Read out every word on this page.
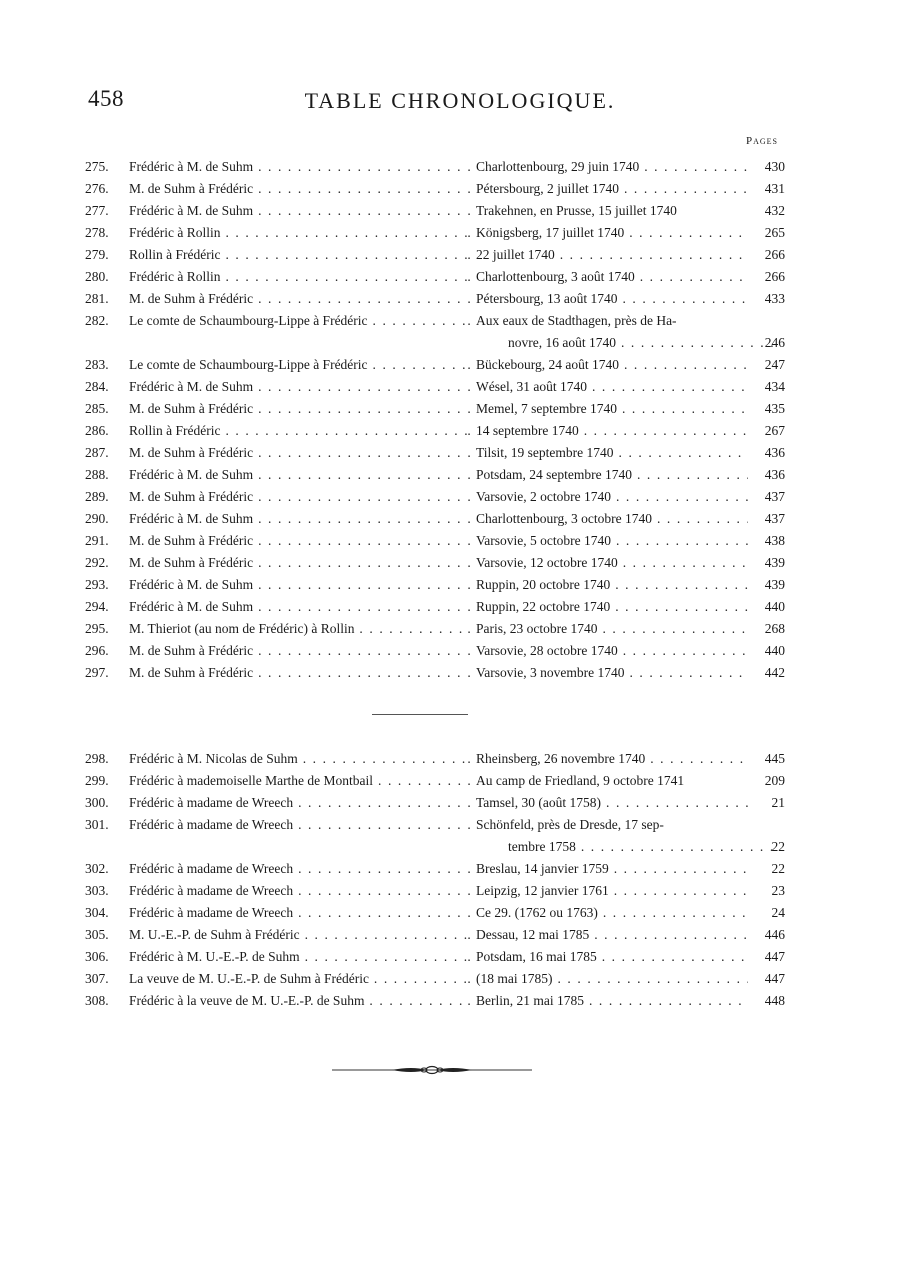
458	TABLE CHRONOLOGIQUE.
Pages
275.	Frédéric à M. de Suhm . . .	. Charlottenbourg, 29 juin 1740 . . .	430
276.	M. de Suhm à Frédéric . . .	. Pétersbourg, 2 juillet 1740 . . .	431
277.	Frédéric à M. de Suhm . . .	. Trakehnen, en Prusse, 15 juillet 1740	432
278.	Frédéric à Rollin . . .	. Königsberg, 17 juillet 1740 . . .	265
279.	Rollin à Frédéric . . .	. 22 juillet 1740 . . .	266
280.	Frédéric à Rollin . . .	. Charlottenbourg, 3 août 1740 . . .	266
281.	M. de Suhm à Frédéric . . .	. Pétersbourg, 13 août 1740 . . .	433
282.	Le comte de Schaumbourg-Lippe à Frédéric . . .	. Aux eaux de Stadthagen, près de Ha-
novre, 16 août 1740 . . .	246
283.	Le comte de Schaumbourg-Lippe à Frédéric . . .	. Bückebourg, 24 août 1740 . . .	247
284.	Frédéric à M. de Suhm . . .	. Wésel, 31 août 1740 . . .	434
285.	M. de Suhm à Frédéric . . .	. Memel, 7 septembre 1740 . . .	435
286.	Rollin à Frédéric . . .	. 14 septembre 1740 . . .	267
287.	M. de Suhm à Frédéric . . .	. Tilsit, 19 septembre 1740 . . .	436
288.	Frédéric à M. de Suhm . . .	. Potsdam, 24 septembre 1740 . . .	436
289.	M. de Suhm à Frédéric . . .	. Varsovie, 2 octobre 1740 . . .	437
290.	Frédéric à M. de Suhm . . .	. Charlottenbourg, 3 octobre 1740 . . .	437
291.	M. de Suhm à Frédéric . . .	. Varsovie, 5 octobre 1740 . . .	438
292.	M. de Suhm à Frédéric . . .	. Varsovie, 12 octobre 1740 . . .	439
293.	Frédéric à M. de Suhm . . .	. Ruppin, 20 octobre 1740 . . .	439
294.	Frédéric à M. de Suhm . . .	. Ruppin, 22 octobre 1740 . . .	440
295.	M. Thieriot (au nom de Frédéric) à Rollin . . .	. Paris, 23 octobre 1740 . . .	268
296.	M. de Suhm à Frédéric . . .	. Varsovie, 28 octobre 1740 . . .	440
297.	M. de Suhm à Frédéric . . .	. Varsovie, 3 novembre 1740 . . .	442
298.	Frédéric à M. Nicolas de Suhm . . .	. Rheinsberg, 26 novembre 1740 . . .	445
299.	Frédéric à mademoiselle Marthe de Montbail . . .	. Au camp de Friedland, 9 octobre 1741	209
300.	Frédéric à madame de Wreech . . .	. Tamsel, 30 (août 1758) . . .	21
301.	Frédéric à madame de Wreech . . .	. Schönfeld, près de Dresde, 17 sep-
tembre 1758 . . .	22
302.	Frédéric à madame de Wreech . . .	. Breslau, 14 janvier 1759 . . .	22
303.	Frédéric à madame de Wreech . . .	. Leipzig, 12 janvier 1761 . . .	23
304.	Frédéric à madame de Wreech . . .	. Ce 29. (1762 ou 1763) . . .	24
305.	M. U.-E.-P. de Suhm à Frédéric . . .	. Dessau, 12 mai 1785 . . .	446
306.	Frédéric à M. U.-E.-P. de Suhm . . .	. Potsdam, 16 mai 1785 . . .	447
307.	La veuve de M. U.-E.-P. de Suhm à Frédéric . . .	. (18 mai 1785) . . .	447
308.	Frédéric à la veuve de M. U.-E.-P. de Suhm . . .	. Berlin, 21 mai 1785 . . .	448
